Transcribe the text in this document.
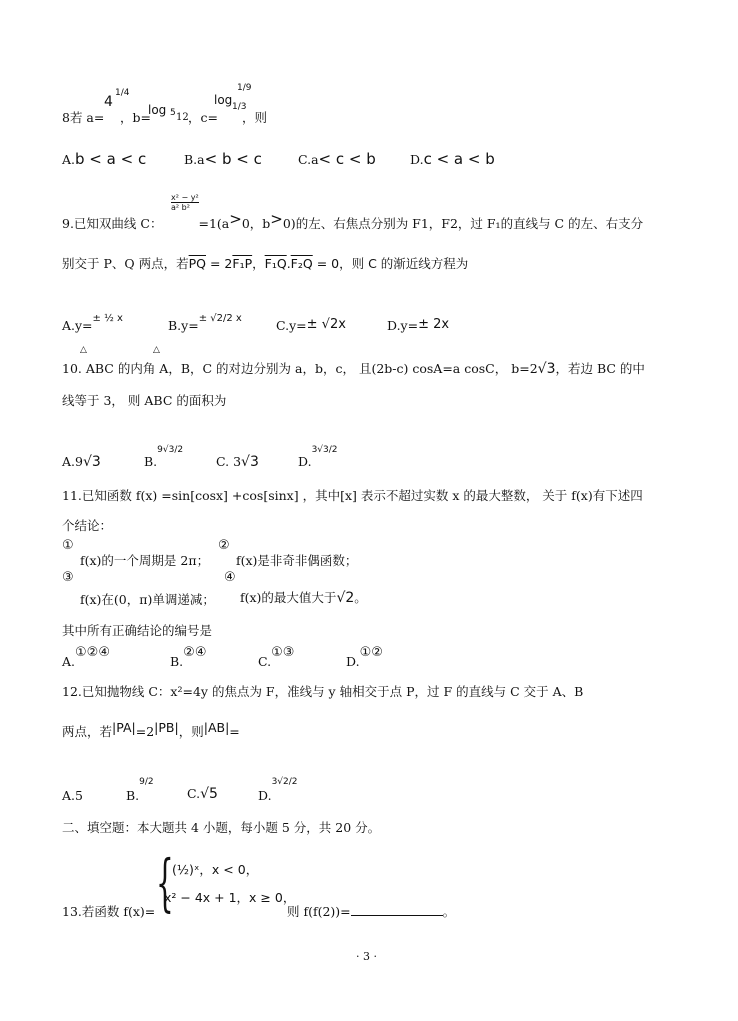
8若 a=
4
1/4
，b=
log 5 12 ，c=
log 1/3
1/9
，则
A.b < a < c	B.a< b < c	C.a< c < b	D.c < a < b
x² − y²
a² b²
9.已知双曲线 C：	=1(a>0，b>0)的左、右焦点分别为 F1，F2，过 F₁的直线与 C 的左、右支分
别交于 P、Q 两点，若$\overline{PQ} = 2F_1P$，F₁Q.F₂Q = 0，则 C 的渐近线方程为
A.y=$^{\pm \frac{1}{2} x}$	B.y=$^{\pm √2/2 x}$	C.y=± √2x	D.y=± 2x
△	△
10. ABC 的内角 A，B，C 的对边分别为 a，b，c， 且(2b-c) cosA=a cosC， b=2√3，若边 BC 的中
线等于 3， 则 ABC 的面积为
A.9√3	B.$^{9√3/2}$
C. 3√3	D.$^{3√3/2}$
11.已知函数 f(x) =sin[cosx] +cos[sinx] ，其中[x] 表示不超过实数 x 的最大整数， 关于 f(x)有下述四
个结论：
①
f(x)的一个周期是 2π；
②
f(x)是非奇非偶函数；
③
f(x)在(0，π)单调递减；
④
f(x)的最大值大于√2。
其中所有正确结论的编号是
A.①②④
B.②④
C.①③
D.①②
12.已知抛物线 C：x²=4y 的焦点为 F，准线与 y 轴相交于点 P，过 F 的直线与 C 交于 A、B
两点，若|PA|=2|PB|，则|AB|=
A.5	B.$^{9/2}$
C.√5	D.$^{3√2/2}$
二、填空题：本大题共 4 小题，每小题 5 分，共 20 分。
13.若函数 f(x)= {
(½)ˣ，x < 0，
x² − 4x + 1，x ≥ 0，
则 f(f(2))=	。
· 3 ·
